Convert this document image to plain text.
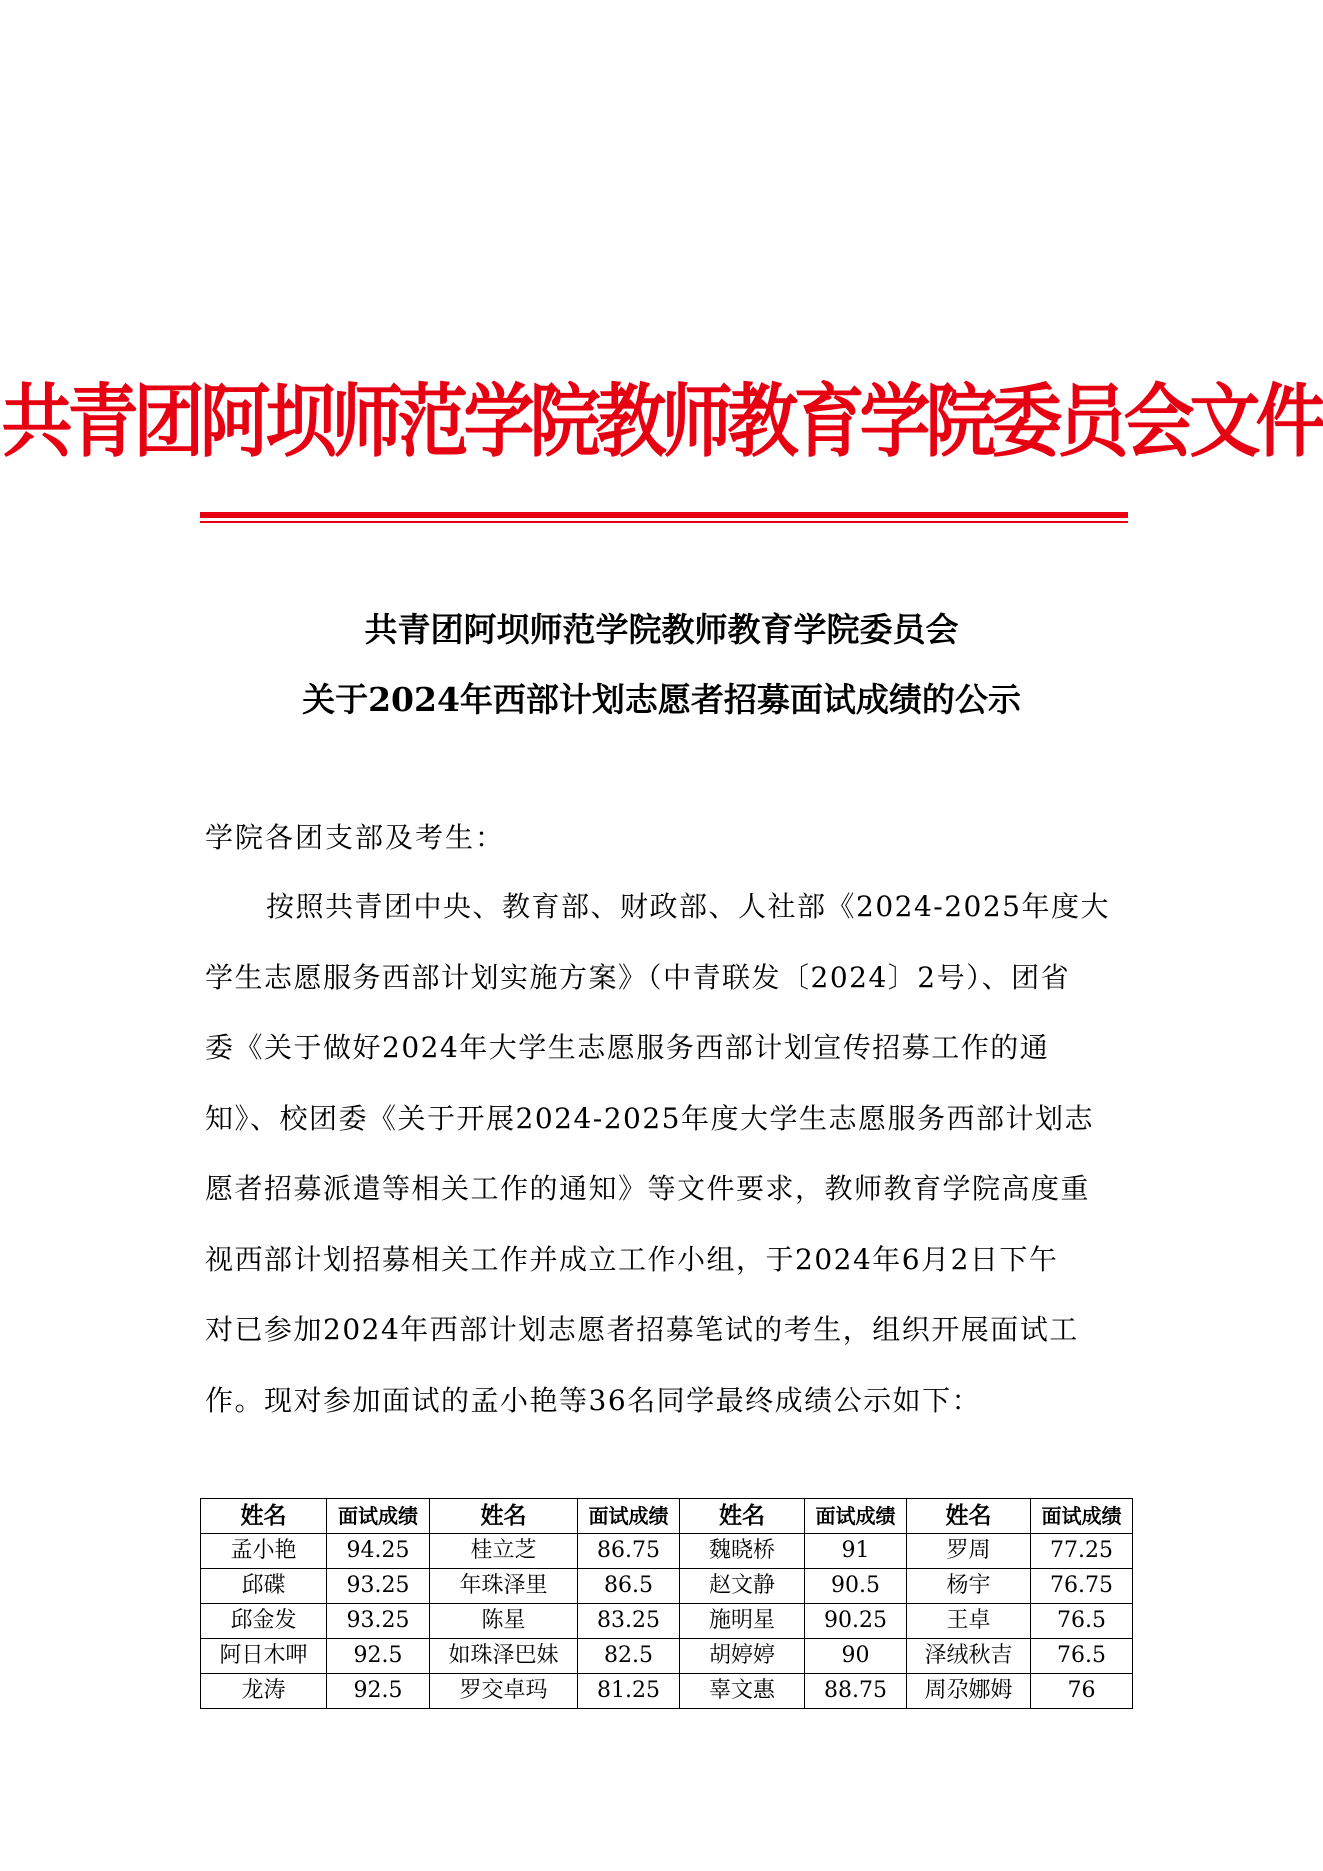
共青团阿坝师范学院教师教育学院委员会文件
共青团阿坝师范学院教师教育学院委员会
关于2024年西部计划志愿者招募面试成绩的公示
学院各团支部及考生：
按照共青团中央、教育部、财政部、人社部《2024-2025年度大
学生志愿服务西部计划实施方案》（中青联发〔2024〕2号）、团省
委《关于做好2024年大学生志愿服务西部计划宣传招募工作的通
知》、校团委《关于开展2024-2025年度大学生志愿服务西部计划志
愿者招募派遣等相关工作的通知》等文件要求，教师教育学院高度重
视西部计划招募相关工作并成立工作小组，于2024年6月2日下午
对已参加2024年西部计划志愿者招募笔试的考生，组织开展面试工
作。现对参加面试的孟小艳等36名同学最终成绩公示如下：
姓名	面试成绩	姓名	面试成绩	姓名	面试成绩	姓名	面试成绩
孟小艳	94.25	桂立芝	86.75	魏晓桥	91	罗周	77.25
邱碟	93.25	年珠泽里	86.5	赵文静	90.5	杨宇	76.75
邱金发	93.25	陈星	83.25	施明星	90.25	王卓	76.5
阿日木呷	92.5	如珠泽巴妹	82.5	胡婷婷	90	泽绒秋吉	76.5
龙涛	92.5	罗交卓玛	81.25	辜文惠	88.75	周尕娜姆	76
